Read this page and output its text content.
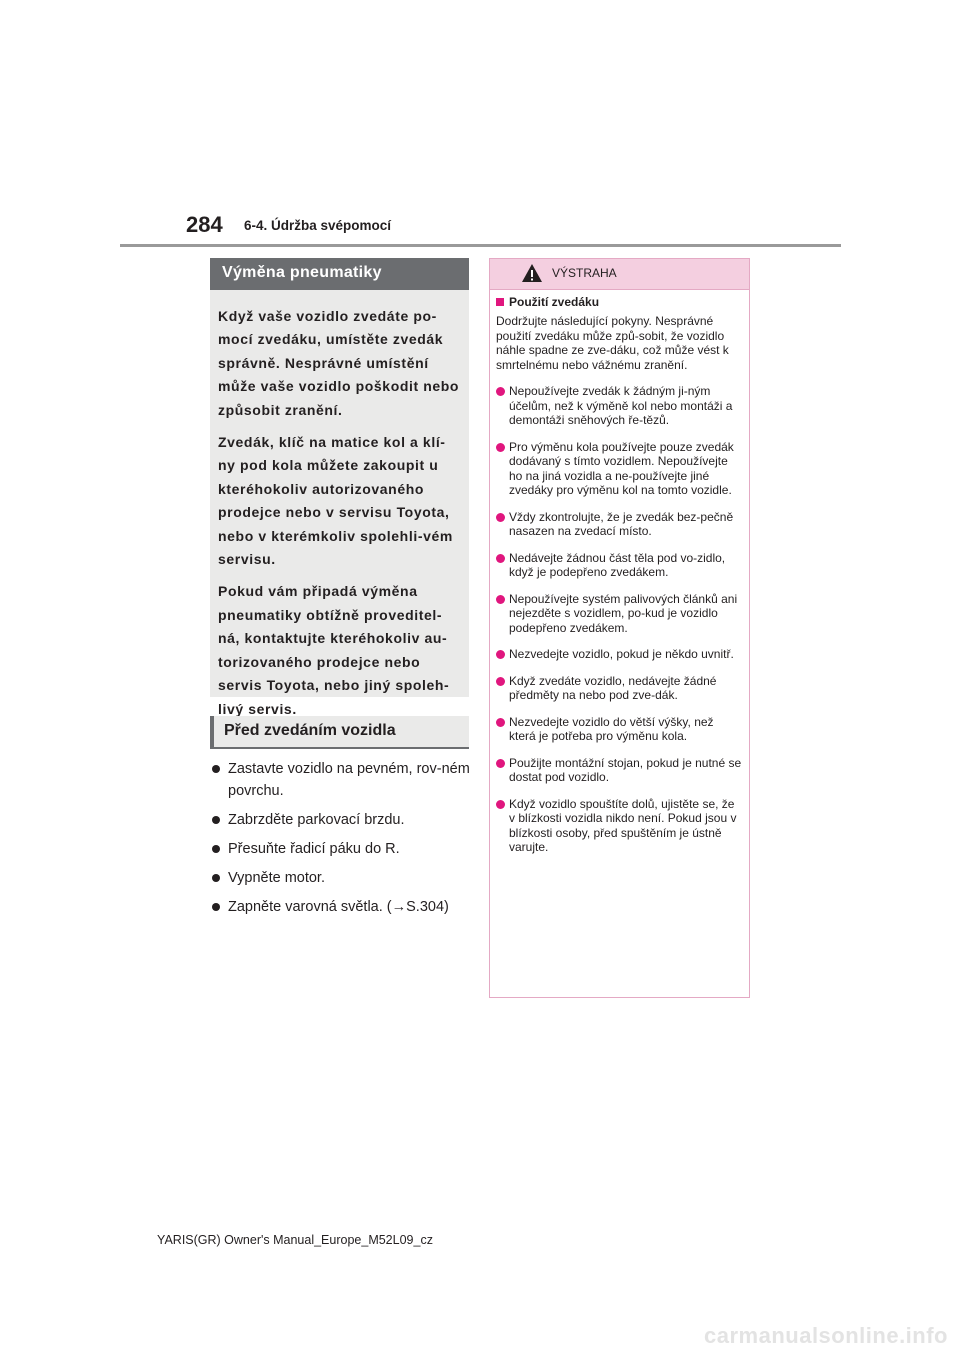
284 6-4. Údržba svépomocí
Výměna pneumatiky

Když vaše vozidlo zvedáte po-mocí zvedáku, umístěte zvedák správně. Nesprávné umístění může vaše vozidlo poškodit nebo způsobit zranění.

Zvedák, klíč na matice kol a klí-ny pod kola můžete zakoupit u kteréhokoliv autorizovaného prodejce nebo v servisu Toyota, nebo v kterémkoliv spolehli-vém servisu.

Pokud vám připadá výměna pneumatiky obtížně proveditel-ná, kontaktujte kteréhokoliv au-torizovaného prodejce nebo servis Toyota, nebo jiný spoleh-livý servis.

Před zvedáním vozidla
Zastavte vozidlo na pevném, rov-ném povrchu.
Zabrzděte parkovací brzdu.
Přesuňte řadicí páku do R.
Vypněte motor.
Zapněte varovná světla. (→S.304)
VÝSTRAHA
Použití zvedáku

Dodržujte následující pokyny. Nesprávné použití zvedáku může způ-sobit, že vozidlo náhle spadne ze zve-dáku, což může vést k smrtelnému nebo vážnému zranění.

Nepoužívejte zvedák k žádným ji-ným účelům, než k výměně kol nebo montáži a demontáži sněhových ře-tězů.
Pro výměnu kola používejte pouze zvedák dodávaný s tímto vozidlem. Nepoužívejte ho na jiná vozidla a ne-používejte jiné zvedáky pro výměnu kol na tomto vozidle.
Vždy zkontrolujte, že je zvedák bez-pečně nasazen na zvedací místo.
Nedávejte žádnou část těla pod vo-zidlo, když je podepřeno zvedákem.
Nepoužívejte systém palivových článků ani nejezděte s vozidlem, po-kud je vozidlo podepřeno zvedákem.
Nezvedejte vozidlo, pokud je někdo uvnitř.
Když zvedáte vozidlo, nedávejte žádné předměty na nebo pod zve-dák.
Nezvedejte vozidlo do větší výšky, než která je potřeba pro výměnu kola.
Použijte montážní stojan, pokud je nutné se dostat pod vozidlo.
Když vozidlo spouštíte dolů, ujistěte se, že v blízkosti vozidla nikdo není. Pokud jsou v blízkosti osoby, před spuštěním je ústně varujte.
YARIS(GR) Owner's Manual_Europe_M52L09_cz
carmanualsonline.info
